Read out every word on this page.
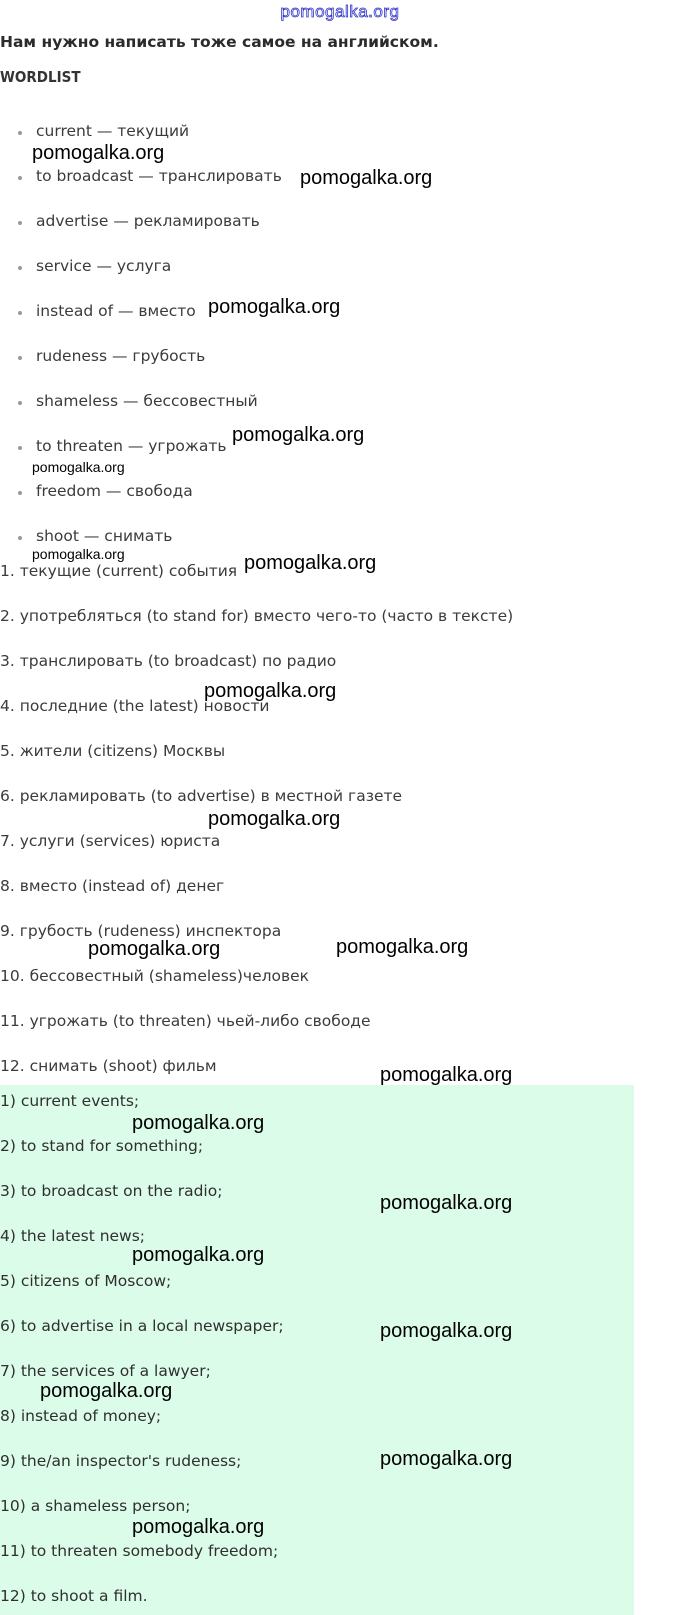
pomogalka.org
Нам нужно написать тоже самое на английском.
WORDLIST
current — текущий
to broadcast — транслировать
advertise — рекламировать
service — услуга
instead of — вместо
rudeness — грубость
shameless — бессовестный
to threaten — угрожать
freedom — свобода
shoot — снимать
1. текущие (current) события
2. употребляться (to stand for) вместо чего-то (часто в тексте)
3. транслировать (to broadcast) по радио
4. последние (the latest) новости
5. жители (citizens) Москвы
6. рекламировать (to advertise) в местной газете
7. услуги (services) юриста
8. вместо (instead of) денег
9. грубость (rudeness) инспектора
10. бессовестный (shameless)человек
11. угрожать (to threaten) чьей-либо свободе
12. снимать (shoot) фильм
1) current events;
2) to stand for something;
3) to broadcast on the radio;
4) the latest news;
5) citizens of Moscow;
6) to advertise in a local newspaper;
7) the services of a lawyer;
8) instead of money;
9) the/an inspector's rudeness;
10) a shameless person;
11) to threaten somebody freedom;
12) to shoot a film.
pomogalka.org
pomogalka.org
pomogalka.org
pomogalka.org
pomogalka.org
pomogalka.org	pomogalka.org
pomogalka.org
pomogalka.org
pomogalka.org	pomogalka.org
pomogalka.org
pomogalka.org
pomogalka.org
pomogalka.org
pomogalka.org
pomogalka.org
pomogalka.org
pomogalka.org
